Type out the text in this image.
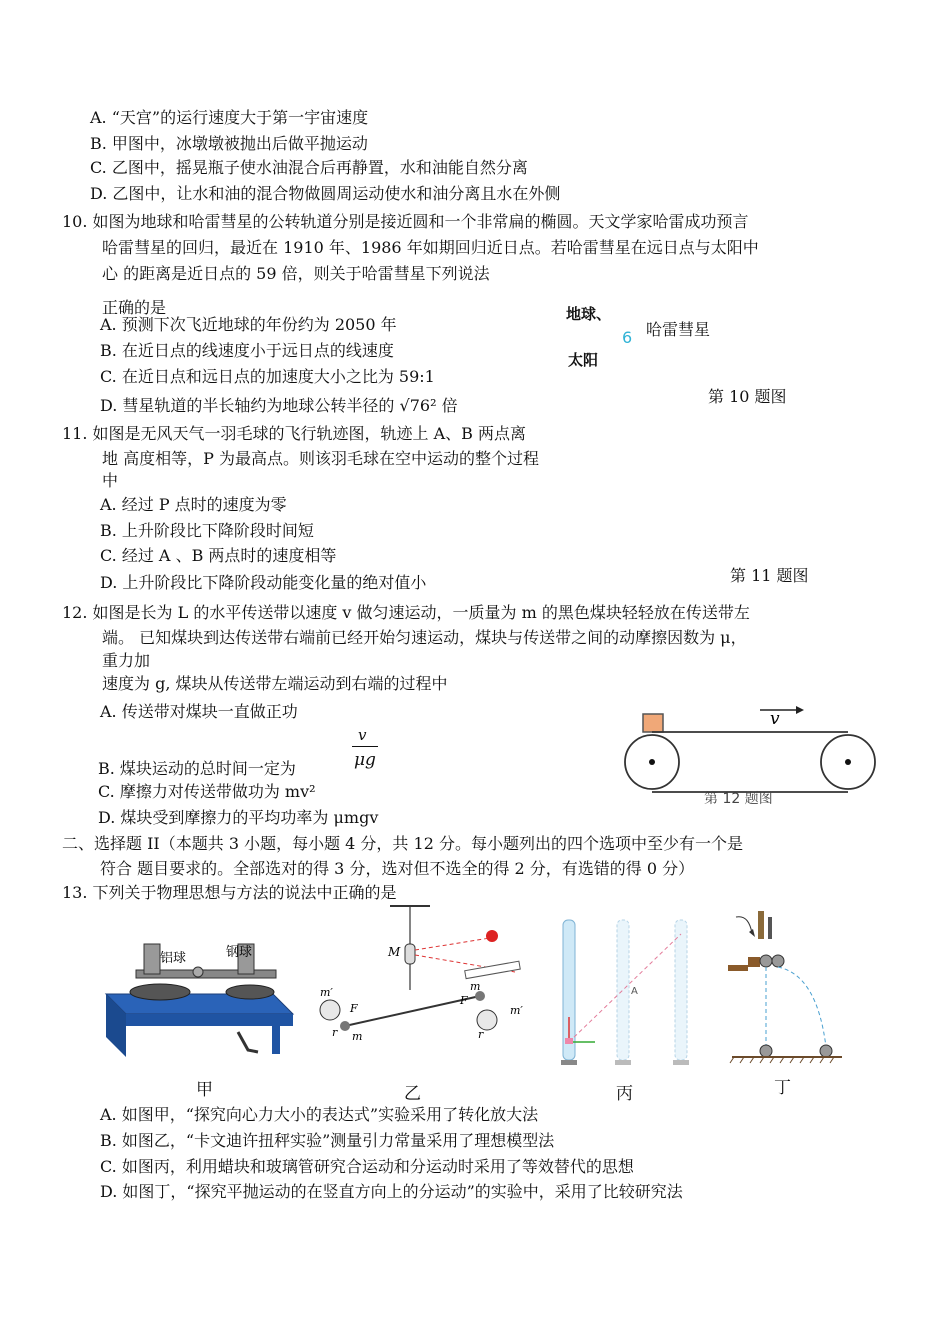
A. “天宫”的运行速度大于第一宇宙速度
B. 甲图中，冰墩墩被抛出后做平抛运动
C. 乙图中，摇晃瓶子使水油混合后再静置，水和油能自然分离
D. 乙图中，让水和油的混合物做圆周运动使水和油分离且水在外侧
10. 如图为地球和哈雷彗星的公转轨道分别是接近圆和一个非常扁的椭圆。天文学家哈雷成功预言
哈雷彗星的回归，最近在 1910 年、1986 年如期回归近日点。若哈雷彗星在远日点与太阳中
心 的距离是近日点的 59 倍，则关于哈雷彗星下列说法
正确的是
A. 预测下次飞近地球的年份约为 2050 年
B. 在近日点的线速度小于远日点的线速度
C. 在近日点和远日点的加速度大小之比为 59:1
D. 彗星轨道的半长轴约为地球公转半径的 √76² 倍
地球、
6 哈雷彗星
太阳
第 10 题图
11. 如图是无风天气一羽毛球的飞行轨迹图，轨迹上 A、B 两点离
地 高度相等，P 为最高点。则该羽毛球在空中运动的整个过程
中
A. 经过 P 点时的速度为零
B. 上升阶段比下降阶段时间短
C. 经过 A 、B 两点时的速度相等
D. 上升阶段比下降阶段动能变化量的绝对值小	第 11 题图
12. 如图是长为 L 的水平传送带以速度 v 做匀速运动，一质量为 m 的黑色煤块轻轻放在传送带左
端。 已知煤块到达传送带右端前已经开始匀速运动，煤块与传送带之间的动摩擦因数为 μ，
重力加
速度为 g, 煤块从传送带左端运动到右端的过程中
A. 传送带对煤块一直做正功
B. 煤块运动的总时间一定为
v
μg
C. 摩擦力对传送带做功为 mv²
D. 煤块受到摩擦力的平均功率为 μmgv
v
第 12 题图
二、选择题 II（本题共 3 小题，每小题 4 分，共 12 分。每小题列出的四个选项中至少有一个是
符合 题目要求的。全部选对的得 3 分，选对但不选全的得 2 分，有选错的得 0 分）
13. 下列关于物理思想与方法的说法中正确的是
铝球	钢球
甲
M
m′
m′
m
m
F
F
r	r
乙
A
丙	丁
A. 如图甲，“探究向心力大小的表达式”实验采用了转化放大法
B. 如图乙，“卡文迪许扭秤实验”测量引力常量采用了理想模型法
C. 如图丙，利用蜡块和玻璃管研究合运动和分运动时采用了等效替代的思想
D. 如图丁，“探究平抛运动的在竖直方向上的分运动”的实验中，采用了比较研究法
